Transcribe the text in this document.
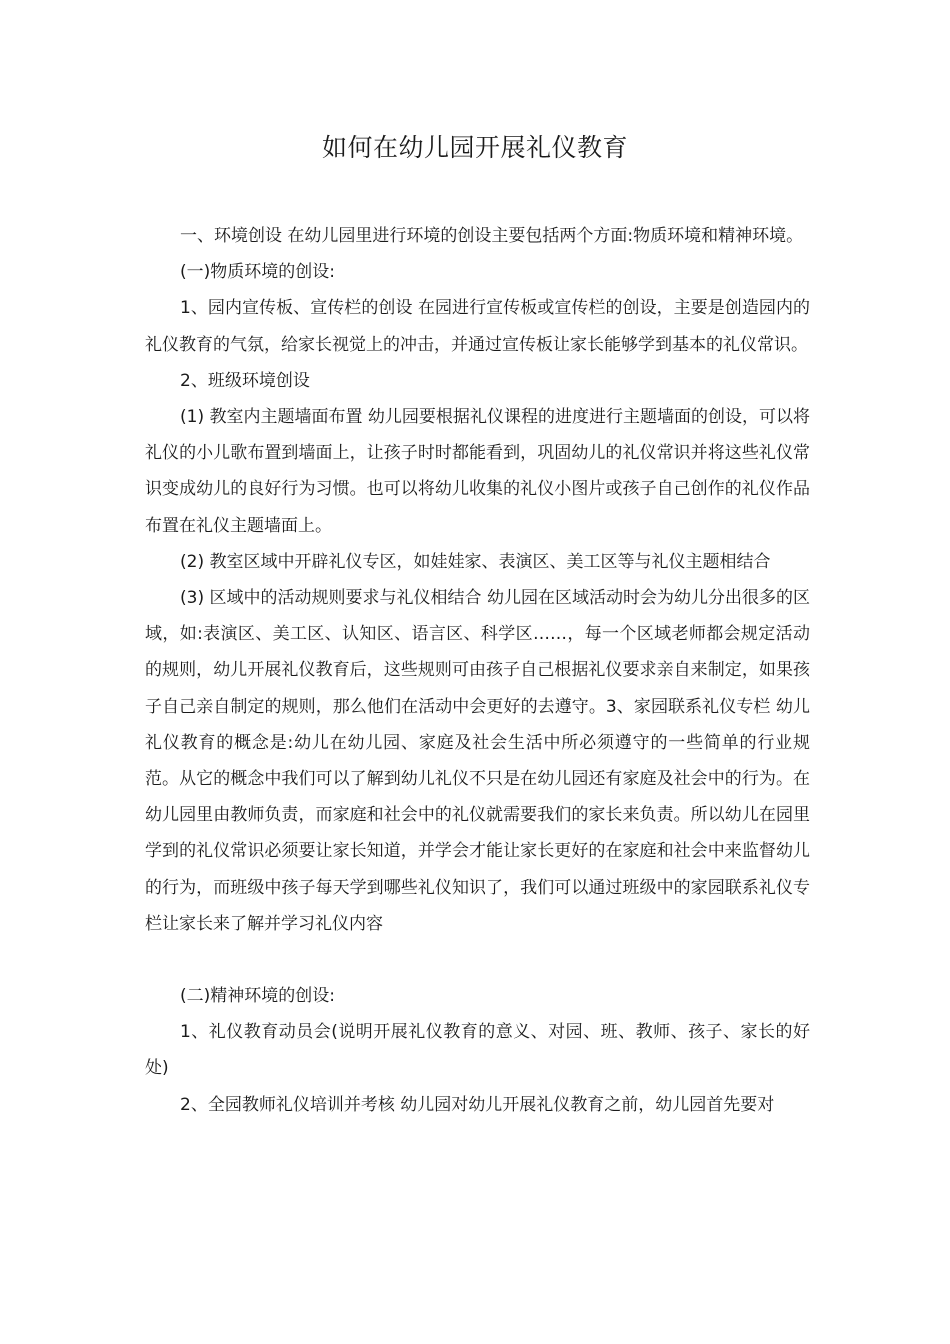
如何在幼儿园开展礼仪教育

一、环境创设 在幼儿园里进行环境的创设主要包括两个方面:物质环境和精神环境。

(一)物质环境的创设:

1、园内宣传板、宣传栏的创设 在园进行宣传板或宣传栏的创设，主要是创造园内的礼仪教育的气氛，给家长视觉上的冲击，并通过宣传板让家长能够学到基本的礼仪常识。

2、班级环境创设

(1) 教室内主题墙面布置 幼儿园要根据礼仪课程的进度进行主题墙面的创设，可以将礼仪的小儿歌布置到墙面上，让孩子时时都能看到，巩固幼儿的礼仪常识并将这些礼仪常识变成幼儿的良好行为习惯。也可以将幼儿收集的礼仪小图片或孩子自己创作的礼仪作品布置在礼仪主题墙面上。

(2) 教室区域中开辟礼仪专区，如娃娃家、表演区、美工区等与礼仪主题相结合

(3) 区域中的活动规则要求与礼仪相结合 幼儿园在区域活动时会为幼儿分出很多的区域，如:表演区、美工区、认知区、语言区、科学区……，每一个区域老师都会规定活动的规则，幼儿开展礼仪教育后，这些规则可由孩子自己根据礼仪要求亲自来制定，如果孩子自己亲自制定的规则，那么他们在活动中会更好的去遵守。3、家园联系礼仪专栏 幼儿礼仪教育的概念是:幼儿在幼儿园、家庭及社会生活中所必须遵守的一些简单的行业规范。从它的概念中我们可以了解到幼儿礼仪不只是在幼儿园还有家庭及社会中的行为。在幼儿园里由教师负责，而家庭和社会中的礼仪就需要我们的家长来负责。所以幼儿在园里学到的礼仪常识必须要让家长知道，并学会才能让家长更好的在家庭和社会中来监督幼儿的行为，而班级中孩子每天学到哪些礼仪知识了，我们可以通过班级中的家园联系礼仪专栏让家长来了解并学习礼仪内容

(二)精神环境的创设:

1、礼仪教育动员会(说明开展礼仪教育的意义、对园、班、教师、孩子、家长的好处)

2、全园教师礼仪培训并考核 幼儿园对幼儿开展礼仪教育之前，幼儿园首先要对
